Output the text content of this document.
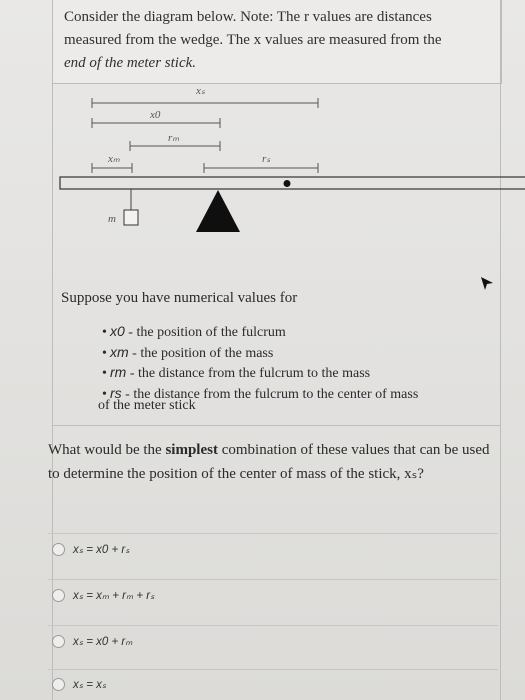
Consider the diagram below. Note: The r values are distances
measured from the wedge. The x values are measured from the
end of the meter stick.
xₛ
x0
rₘ
xₘ	rₛ
m
Suppose you have numerical values for
• x0 - the position of the fulcrum
• xm - the position of the mass
• rm - the distance from the fulcrum to the mass
• rs - the distance from the fulcrum to the center of mass
of the meter stick
What would be the simplest combination of these values that can be used to determine the position of the center of mass of the stick, xₛ?
xₛ = x0 + rₛ
xₛ = xₘ + rₘ + rₛ
xₛ = x0 + rₘ
xₛ = xₛ
